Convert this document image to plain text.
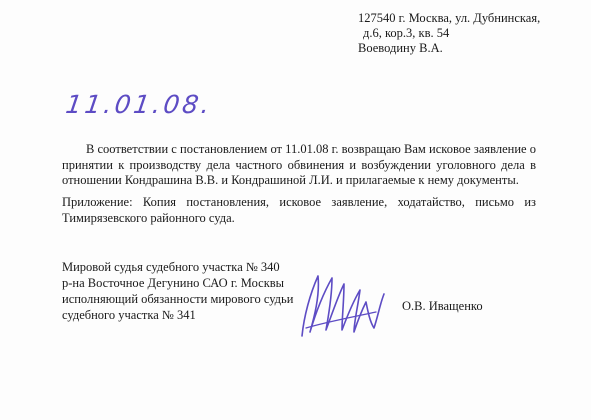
127540 г. Москва, ул. Дубнинская,
д.6, кор.3, кв. 54
Воеводину В.А.
11.01.08.
В соответствии с постановлением от 11.01.08 г. возвращаю Вам исковое заявление о принятии к производству дела частного обвинения и возбуждении уголовного дела в отношении Кондрашина В.В. и Кондрашиной Л.И. и прилагаемые к нему документы.
Приложение: Копия постановления, исковое заявление, ходатайство, письмо из Тимирязевского районного суда.
Мировой судья судебного участка № 340
р-на Восточное Дегунино САО г. Москвы
исполняющий обязанности мирового судьи
судебного участка № 341
О.В. Иващенко
